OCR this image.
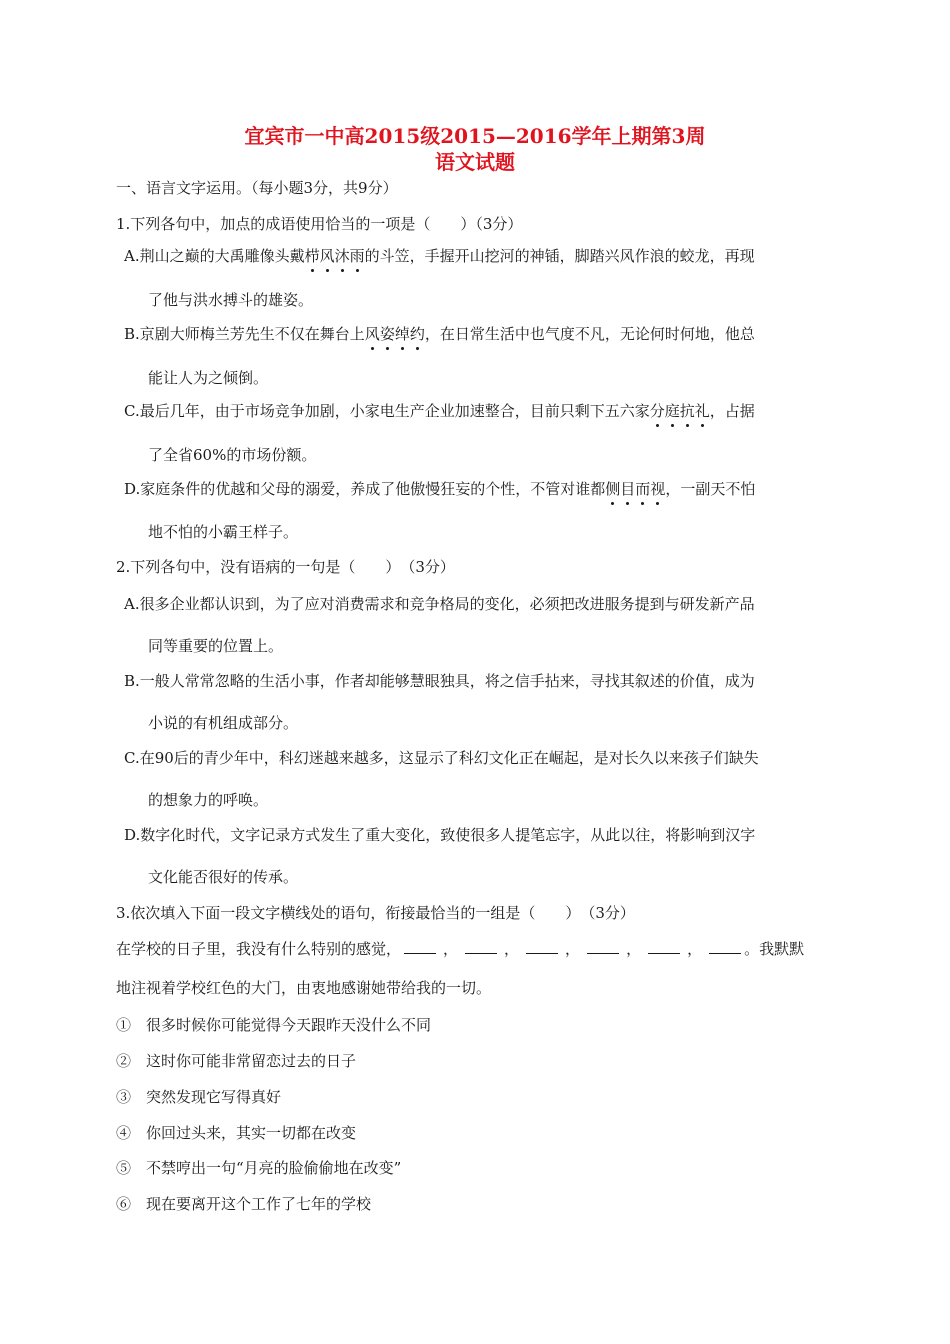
宜宾市一中高2015级2015—2016学年上期第3周
语文试题
一、语言文字运用。（每小题3分，共9分）
1.下列各句中，加点的成语使用恰当的一项是（　　）（3分）
A.荆山之巅的大禹雕像头戴栉风沐雨的斗笠，手握开山挖河的神锸，脚踏兴风作浪的蛟龙，再现
了他与洪水搏斗的雄姿。
B.京剧大师梅兰芳先生不仅在舞台上风姿绰约，在日常生活中也气度不凡，无论何时何地，他总
能让人为之倾倒。
C.最后几年，由于市场竞争加剧，小家电生产企业加速整合，目前只剩下五六家分庭抗礼，占据
了全省60%的市场份额。
D.家庭条件的优越和父母的溺爱，养成了他傲慢狂妄的个性，不管对谁都侧目而视，一副天不怕
地不怕的小霸王样子。
2.下列各句中，没有语病的一句是（　　）　（3分）
A.很多企业都认识到，为了应对消费需求和竞争格局的变化，必须把改进服务提到与研发新产品
同等重要的位置上。
B.一般人常常忽略的生活小事，作者却能够慧眼独具，将之信手拈来，寻找其叙述的价值，成为
小说的有机组成部分。
C.在90后的青少年中，科幻迷越来越多，这显示了科幻文化正在崛起，是对长久以来孩子们缺失
的想象力的呼唤。
D.数字化时代，文字记录方式发生了重大变化，致使很多人提笔忘字，从此以往，将影响到汉字
文化能否很好的传承。
3.依次填入下面一段文字横线处的语句，衔接最恰当的一组是（　　）　（3分）
在学校的日子里，我没有什么特别的感觉，	，	，	，	，	，	。我默默
地注视着学校红色的大门，由衷地感谢她带给我的一切。
①　很多时候你可能觉得今天跟昨天没什么不同
②　这时你可能非常留恋过去的日子
③　突然发现它写得真好
④　你回过头来，其实一切都在改变
⑤　不禁哼出一句“月亮的脸偷偷地在改变”
⑥　现在要离开这个工作了七年的学校
